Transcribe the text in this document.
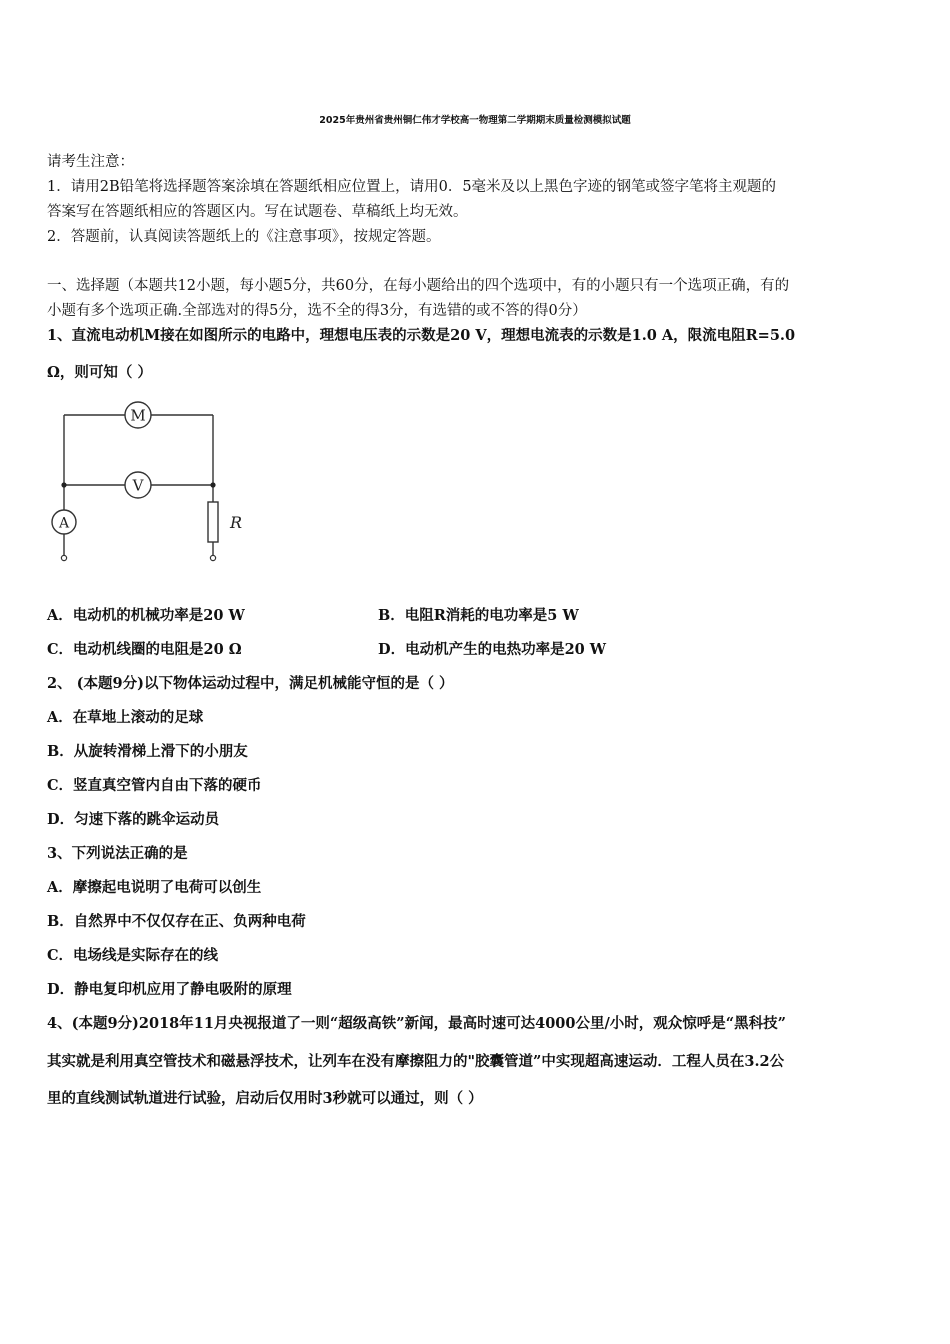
2025年贵州省贵州铜仁伟才学校高一物理第二学期期末质量检测模拟试题
请考生注意：
1．请用2B铅笔将选择题答案涂填在答题纸相应位置上，请用0．5毫米及以上黑色字迹的钢笔或签字笔将主观题的
答案写在答题纸相应的答题区内。写在试题卷、草稿纸上均无效。
2．答题前，认真阅读答题纸上的《注意事项》，按规定答题。
一、选择题（本题共12小题，每小题5分，共60分，在每小题给出的四个选项中，有的小题只有一个选项正确，有的
小题有多个选项正确.全部选对的得5分，选不全的得3分，有选错的或不答的得0分）
1、直流电动机M接在如图所示的电路中，理想电压表的示数是20 V，理想电流表的示数是1.0 A，限流电阻R=5.0
Ω，则可知（ ）
M
V
A	R
A．电动机的机械功率是20 W	B．电阻R消耗的电功率是5 W
C．电动机线圈的电阻是20 Ω	D．电动机产生的电热功率是20 W
2、 (本题9分)以下物体运动过程中，满足机械能守恒的是（ ）
A．在草地上滚动的足球
B．从旋转滑梯上滑下的小朋友
C．竖直真空管内自由下落的硬币
D．匀速下落的跳伞运动员
3、下列说法正确的是
A．摩擦起电说明了电荷可以创生
B．自然界中不仅仅存在正、负两种电荷
C．电场线是实际存在的线
D．静电复印机应用了静电吸附的原理
4、(本题9分)2018年11月央视报道了一则“超级高铁”新闻，最高时速可达4000公里/小时，观众惊呼是“黑科技”
其实就是利用真空管技术和磁悬浮技术，让列车在没有摩擦阻力的"胶囊管道”中实现超高速运动．工程人员在3.2公
里的直线测试轨道进行试验，启动后仅用时3秒就可以通过，则（ ）
